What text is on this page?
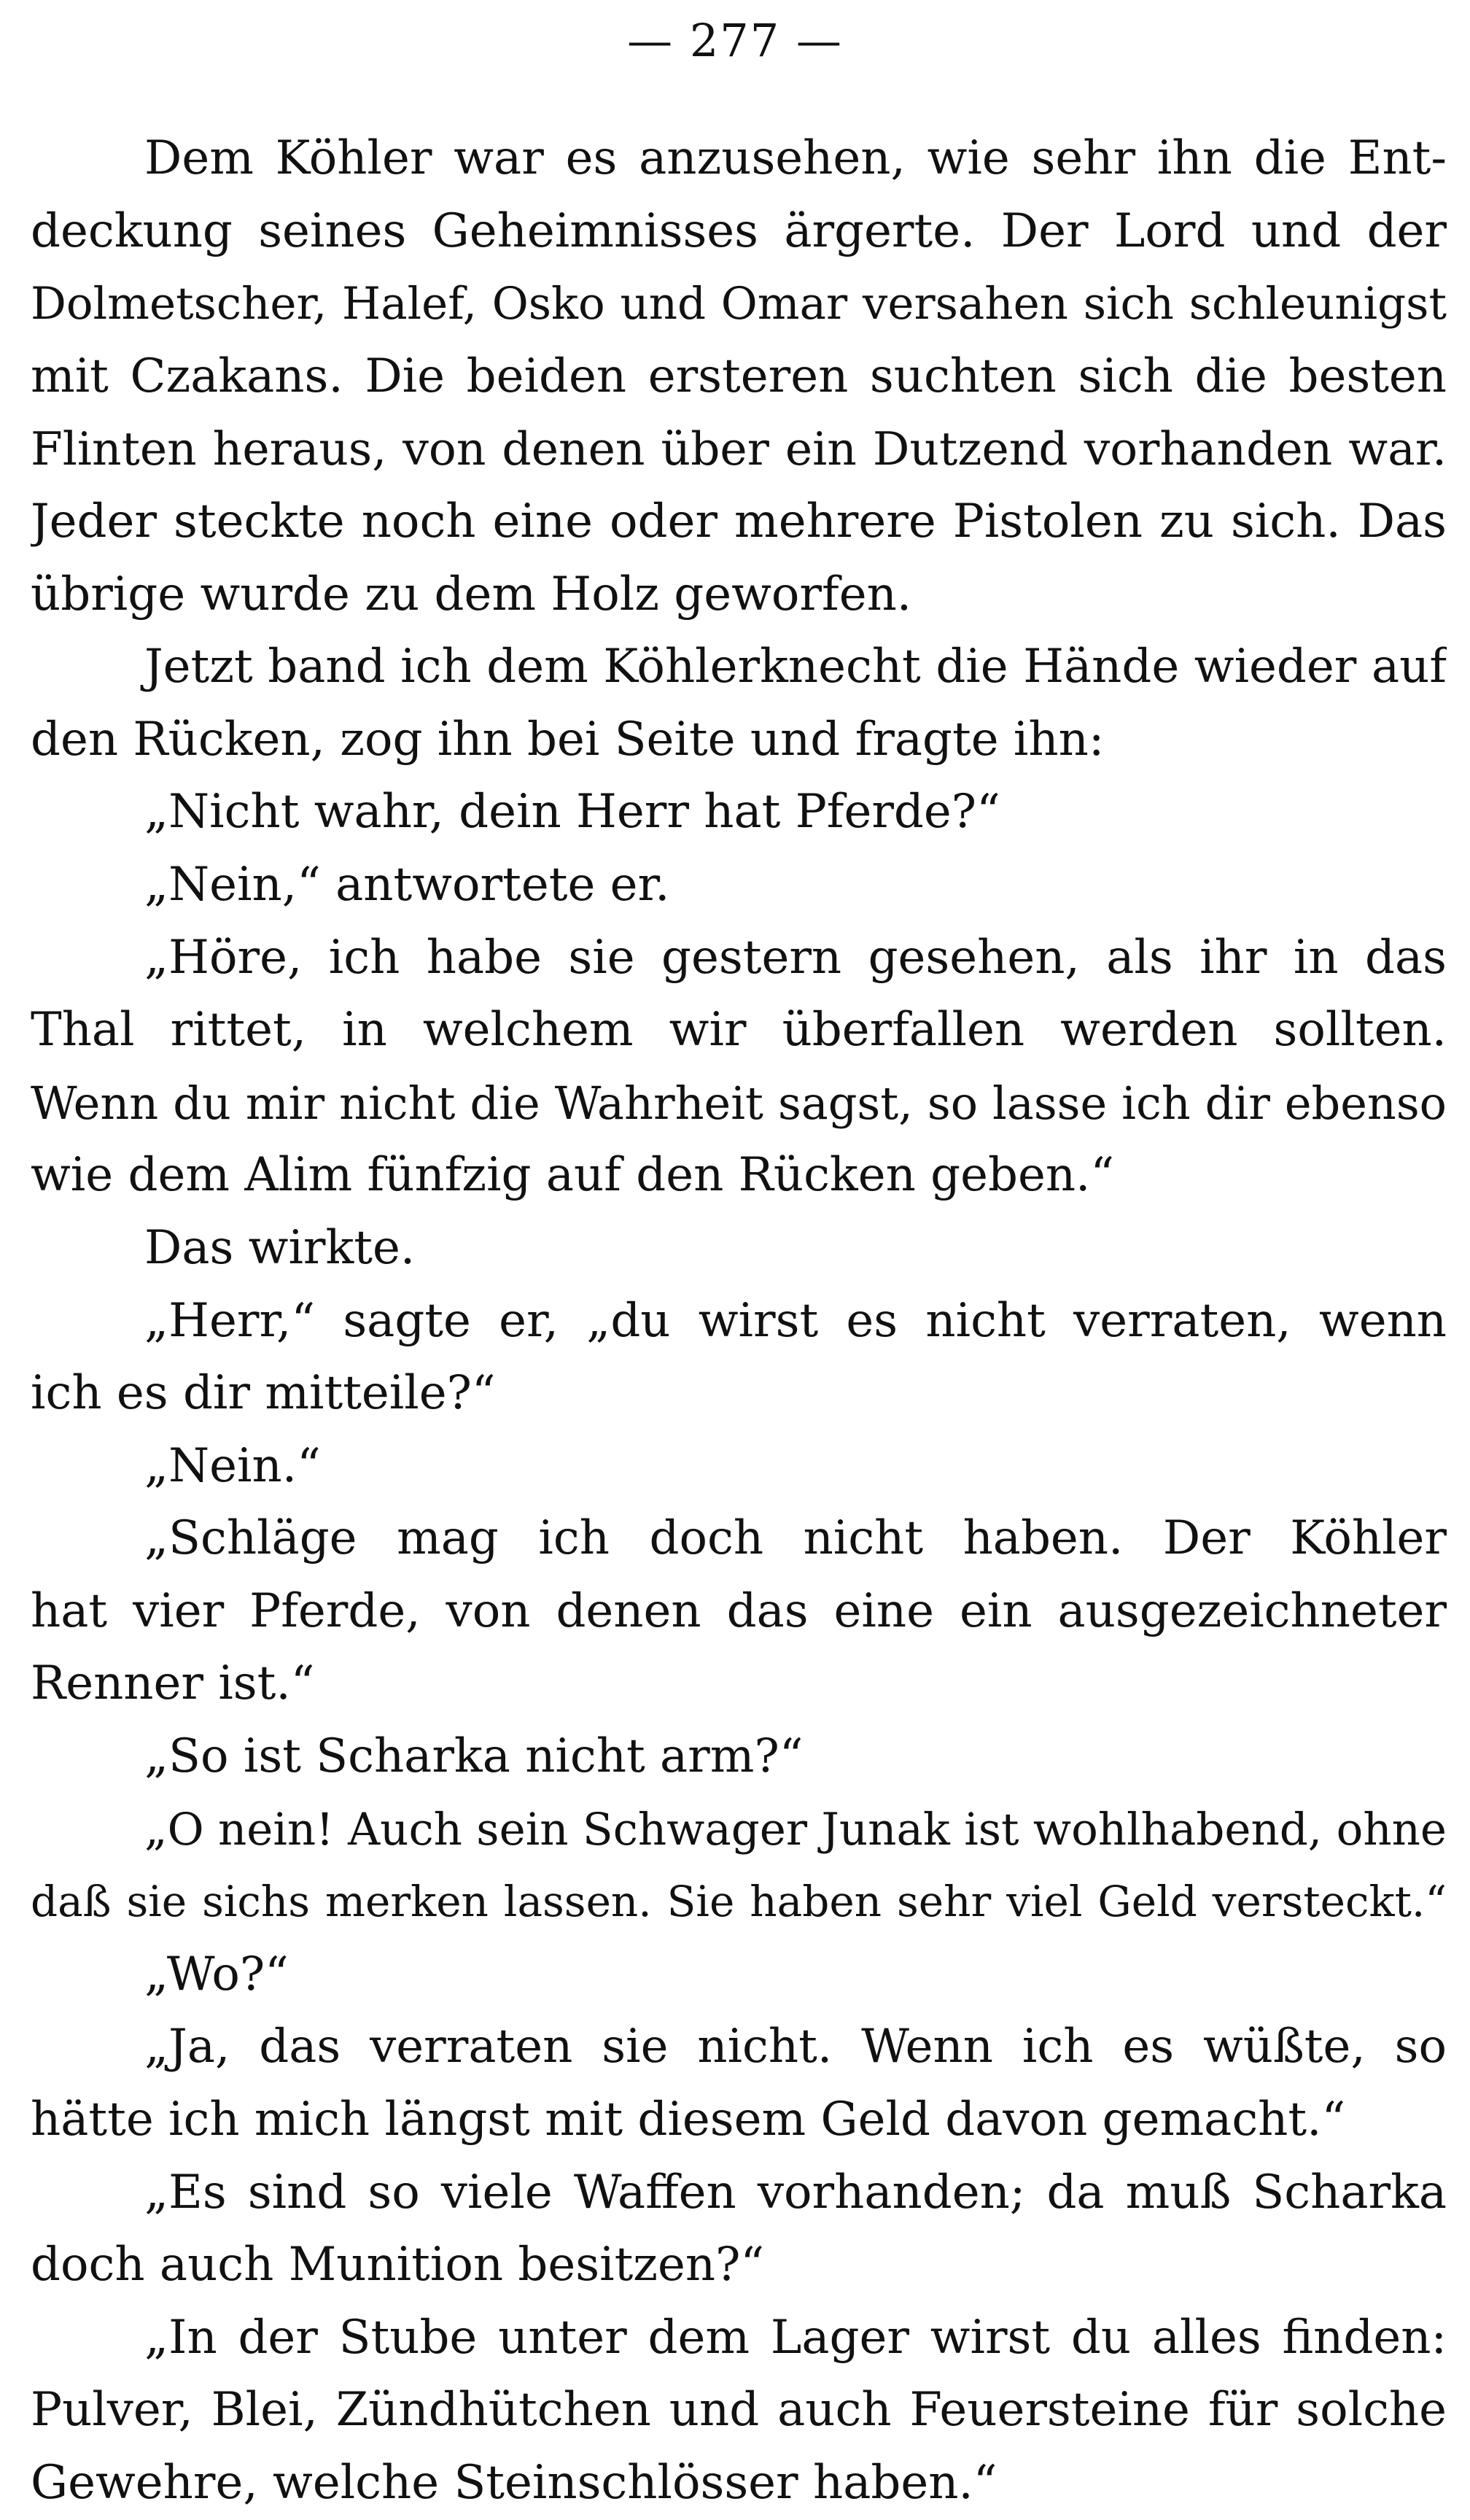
— 277 —
Dem Köhler war es anzusehen, wie sehr ihn die Ent-
deckung seines Geheimnisses ärgerte. Der Lord und der
Dolmetscher, Halef, Osko und Omar versahen sich schleunigst
mit Czakans. Die beiden ersteren suchten sich die besten
Flinten heraus, von denen über ein Dutzend vorhanden war.
Jeder steckte noch eine oder mehrere Pistolen zu sich. Das
übrige wurde zu dem Holz geworfen.
Jetzt band ich dem Köhlerknecht die Hände wieder auf
den Rücken, zog ihn bei Seite und fragte ihn:
„Nicht wahr, dein Herr hat Pferde?“
„Nein,“ antwortete er.
„Höre, ich habe sie gestern gesehen, als ihr in das
Thal rittet, in welchem wir überfallen werden sollten.
Wenn du mir nicht die Wahrheit sagst, so lasse ich dir ebenso
wie dem Alim fünfzig auf den Rücken geben.“
Das wirkte.
„Herr,“ sagte er, „du wirst es nicht verraten, wenn
ich es dir mitteile?“
„Nein.“
„Schläge mag ich doch nicht haben. Der Köhler
hat vier Pferde, von denen das eine ein ausgezeichneter
Renner ist.“
„So ist Scharka nicht arm?“
„O nein! Auch sein Schwager Junak ist wohlhabend, ohne
daß sie sichs merken lassen. Sie haben sehr viel Geld versteckt.“
„Wo?“
„Ja, das verraten sie nicht. Wenn ich es wüßte, so
hätte ich mich längst mit diesem Geld davon gemacht.“
„Es sind so viele Waffen vorhanden; da muß Scharka
doch auch Munition besitzen?“
„In der Stube unter dem Lager wirst du alles finden:
Pulver, Blei, Zündhütchen und auch Feuersteine für solche
Gewehre, welche Steinschlösser haben.“
